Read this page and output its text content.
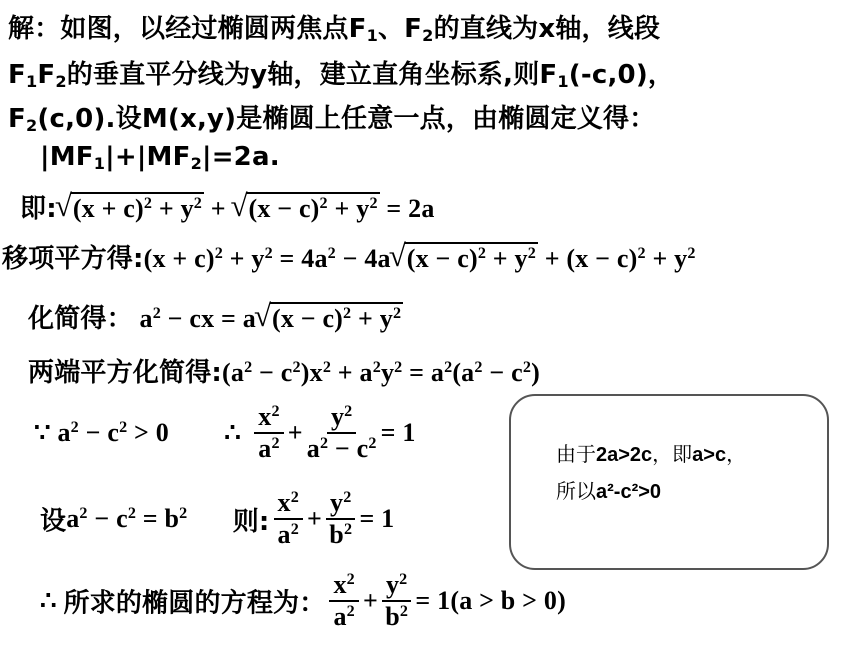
解：如图，以经过椭圆两焦点$F_1$、$F_2$的直线为x轴，线段
$F_1F_2$的垂直平分线为y轴，建立直角坐标系,则$F_1(-c,0)$，
$F_2(c,0)$.设M(x,y)是椭圆上任意一点，由椭圆定义得：
$|MF_1|+|MF_2|=2a$.
即:√ $(x + c)^2 + y^2$ + √ $(x - c)^2 + y^2 = 2a$
移项平方得:(x + $c)^2 + y^2 = 4a^2 - 4a√$ $(x - c)^2 + y^2 + (x - c)^2 + y^2$
化简得： $a^2$ − cx = a√ $(x - c)^2 + y^2$
两端平方化简得$:(a^2 - c^2)x^2 + a^2y^2 = a^2(a^2 - c^2)$
∵ $a^2 - c^2 > 0$ ∴ $\frac{x^2}{a^2} + \frac{y^2}{a^2 - c^2} = 1$
设$a^2 - c^2 = b^2$ 则: $\frac{x^2}{a^2} + \frac{y^2}{b^2} = 1$
∴ 所求的椭圆的方程为： $\frac{x^2}{a^2} + \frac{y^2}{b^2} = 1(a > b > 0)$
由于2a>2c，即a>c，
所以a²-c²>0
